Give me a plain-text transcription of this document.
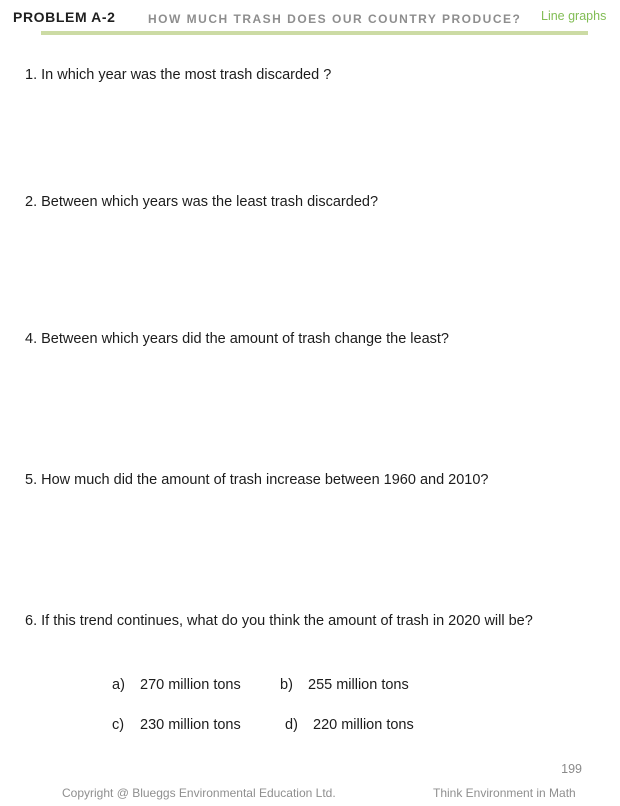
PROBLEM A-2	HOW MUCH TRASH DOES OUR COUNTRY PRODUCE? Line graphs
1. In which year was the most trash discarded ?
2. Between which years was the least trash discarded?
4. Between which years did the amount of trash change the least?
5. How much did the amount of trash increase between 1960 and 2010?
6. If this trend continues, what do you think the amount of trash in 2020 will be?
a) 270 million tons	b) 255 million tons
c) 230 million tons	d) 220 million tons
199
Copyright @ Blueggs Environmental Education Ltd.	Think Environment in Math
